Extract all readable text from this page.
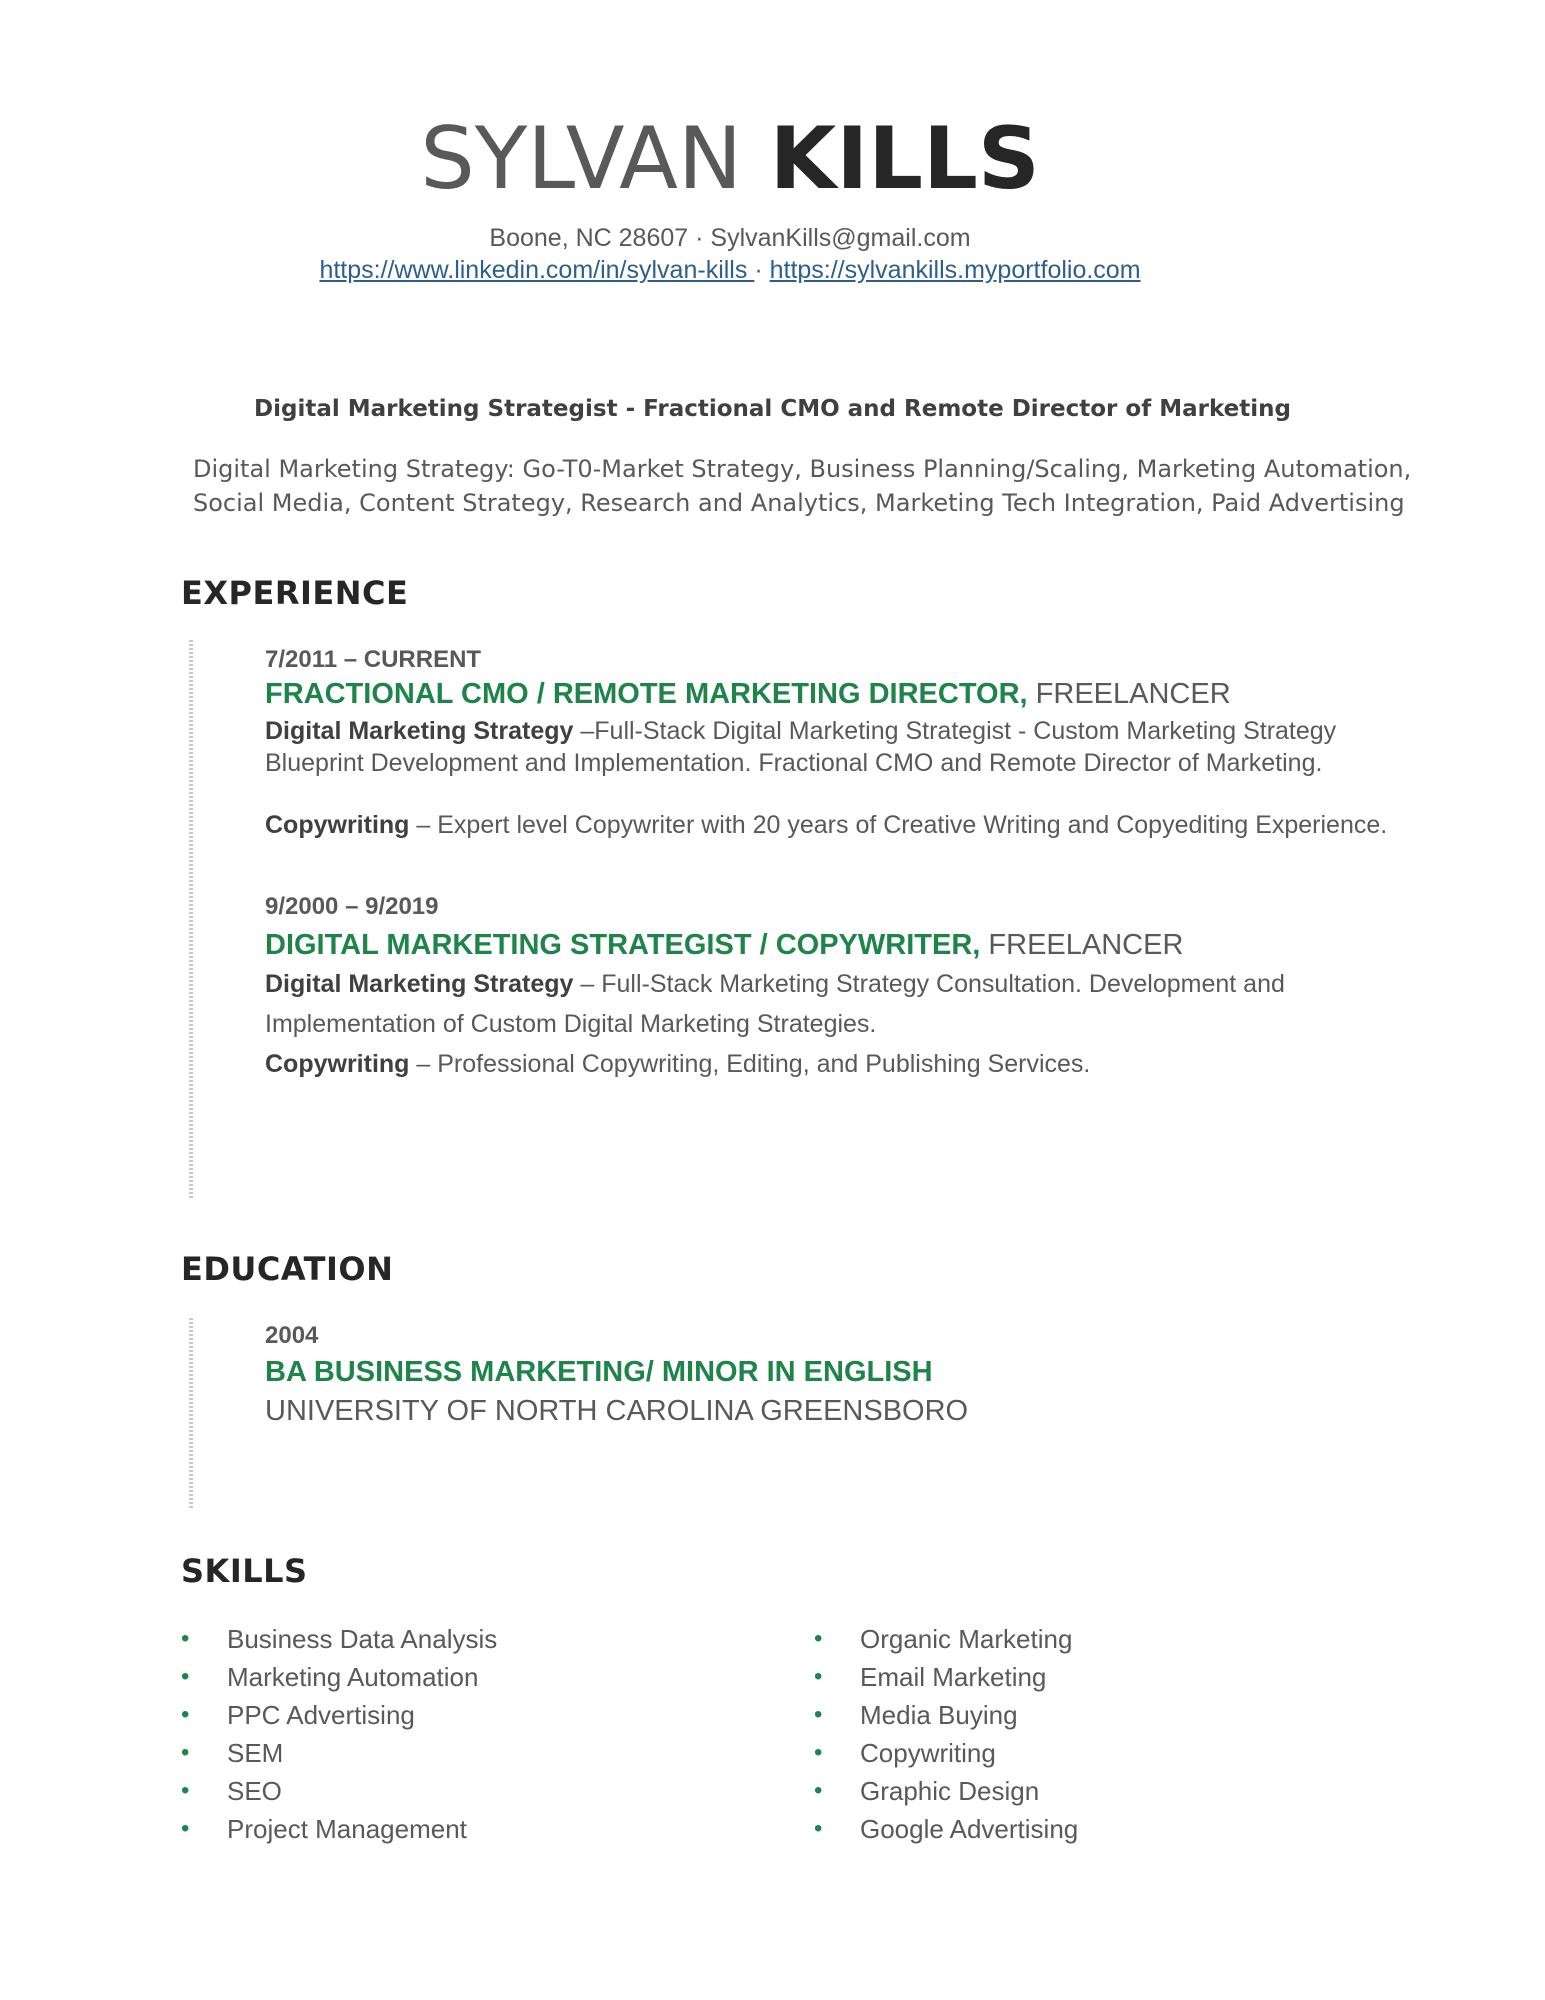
SYLVAN KILLS
Boone, NC 28607 · SylvanKills@gmail.com
https://www.linkedin.com/in/sylvan-kills · https://sylvankills.myportfolio.com
Digital Marketing Strategist - Fractional CMO and Remote Director of Marketing
Digital Marketing Strategy: Go-T0-Market Strategy, Business Planning/Scaling, Marketing Automation,
Social Media, Content Strategy, Research and Analytics, Marketing Tech Integration, Paid Advertising
EXPERIENCE
7/2011 – CURRENT
FRACTIONAL CMO / REMOTE MARKETING DIRECTOR, FREELANCER
Digital Marketing Strategy –Full-Stack Digital Marketing Strategist - Custom Marketing Strategy Blueprint Development and Implementation. Fractional CMO and Remote Director of Marketing.
Copywriting – Expert level Copywriter with 20 years of Creative Writing and Copyediting Experience.
9/2000 – 9/2019
DIGITAL MARKETING STRATEGIST / COPYWRITER, FREELANCER
Digital Marketing Strategy – Full-Stack Marketing Strategy Consultation. Development and Implementation of Custom Digital Marketing Strategies.
Copywriting – Professional Copywriting, Editing, and Publishing Services.
EDUCATION
2004
BA BUSINESS MARKETING/ MINOR IN ENGLISH
UNIVERSITY OF NORTH CAROLINA GREENSBORO
SKILLS
• Business Data Analysis
• Marketing Automation
• PPC Advertising
• SEM
• SEO
• Project Management
• Organic Marketing
• Email Marketing
• Media Buying
• Copywriting
• Graphic Design
• Google Advertising
